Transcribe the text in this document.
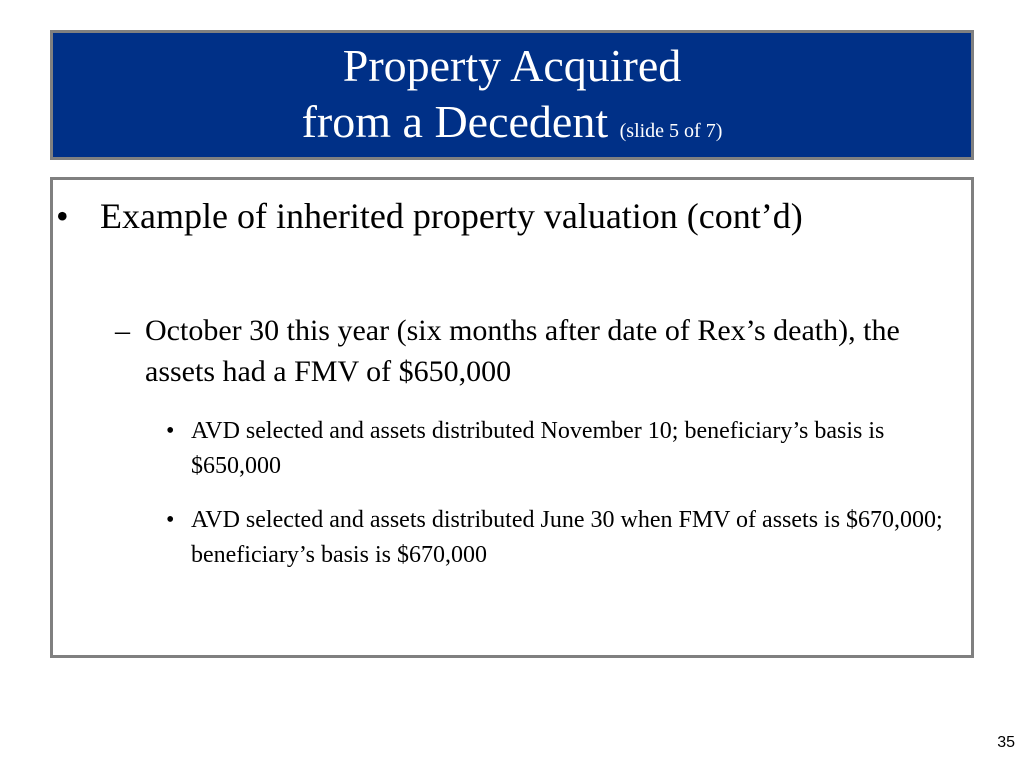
Property Acquired
from a Decedent (slide 5 of 7)
• Example of inherited property valuation (cont’d)
– October 30 this year (six months after date of Rex’s death), the assets had a FMV of $650,000
• AVD selected and assets distributed November 10; beneficiary’s basis is $650,000
• AVD selected and assets distributed June 30 when FMV of assets is $670,000; beneficiary’s basis is $670,000
35
